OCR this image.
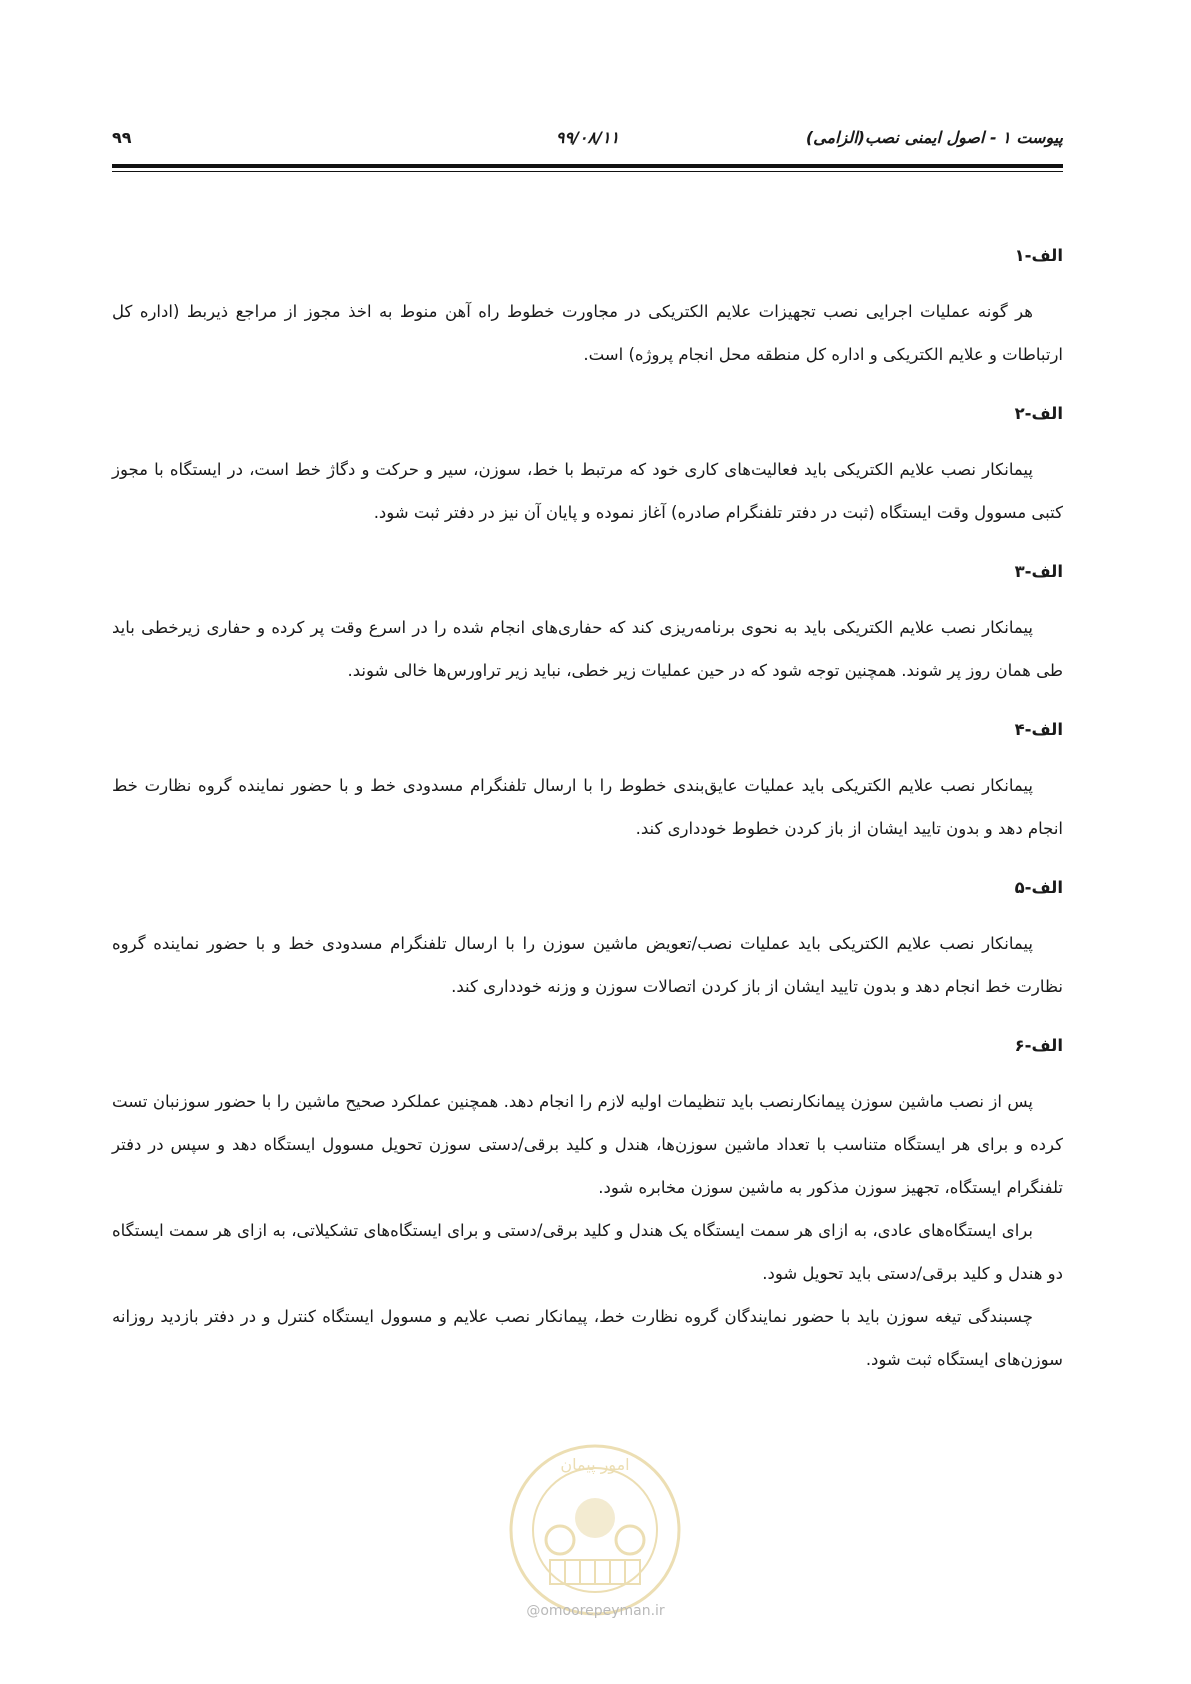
پیوست ۱ - اصول ایمنی نصب(الزامی)
۹۹/۰۸/۱۱
۹۹
الف-۱

هر گونه عملیات اجرایی نصب تجهیزات علایم الکتریکی در مجاورت خطوط راه آهن منوط به اخذ مجوز از مراجع ذیربط (اداره کل ارتباطات و علایم الکتریکی و اداره کل منطقه محل انجام پروژه) است.

الف-۲

پیمانکار نصب علایم الکتریکی باید فعالیت‌های کاری خود که مرتبط با خط، سوزن، سیر و حرکت و دگاژ خط است، در ایستگاه با مجوز کتبی مسوول وقت ایستگاه (ثبت در دفتر تلفنگرام صادره) آغاز نموده و پایان آن نیز در دفتر ثبت شود.

الف-۳

پیمانکار نصب علایم الکتریکی باید به نحوی برنامه‌ریزی کند که حفاری‌های انجام شده را در اسرع وقت پر کرده و حفاری زیرخطی باید طی همان روز پر شوند. همچنین توجه شود که در حین عملیات زیر خطی، نباید زیر تراورس‌ها خالی شوند.

الف-۴

پیمانکار نصب علایم الکتریکی باید عملیات عایق‌بندی خطوط را با ارسال تلفنگرام مسدودی خط و با حضور نماینده گروه نظارت خط انجام دهد و بدون تایید ایشان از باز کردن خطوط خودداری کند.

الف-۵

پیمانکار نصب علایم الکتریکی باید عملیات نصب/تعویض ماشین سوزن را با ارسال تلفنگرام مسدودی خط و با حضور نماینده گروه نظارت خط انجام دهد و بدون تایید ایشان از باز کردن اتصالات سوزن و وزنه خودداری کند.

الف-۶

پس از نصب ماشین سوزن پیمانکارنصب باید تنظیمات اولیه لازم را انجام دهد. همچنین عملکرد صحیح ماشین را با حضور سوزنبان تست کرده و برای هر ایستگاه متناسب با تعداد ماشین سوزن‌ها، هندل و کلید برقی/دستی سوزن تحویل مسوول ایستگاه دهد و سپس در دفتر تلفنگرام ایستگاه، تجهیز سوزن مذکور به ماشین سوزن مخابره شود.

برای ایستگاه‌های عادی، به ازای هر سمت ایستگاه یک هندل و کلید برقی/دستی و برای ایستگاه‌های تشکیلاتی، به ازای هر سمت ایستگاه دو هندل و کلید برقی/دستی باید تحویل شود.

چسبندگی تیغه سوزن باید با حضور نمایندگان گروه نظارت خط، پیمانکار نصب علایم و مسوول ایستگاه کنترل و در دفتر بازدید روزانه سوزن‌های ایستگاه ثبت شود.

امور پیمان
@omoorepeyman.ir
